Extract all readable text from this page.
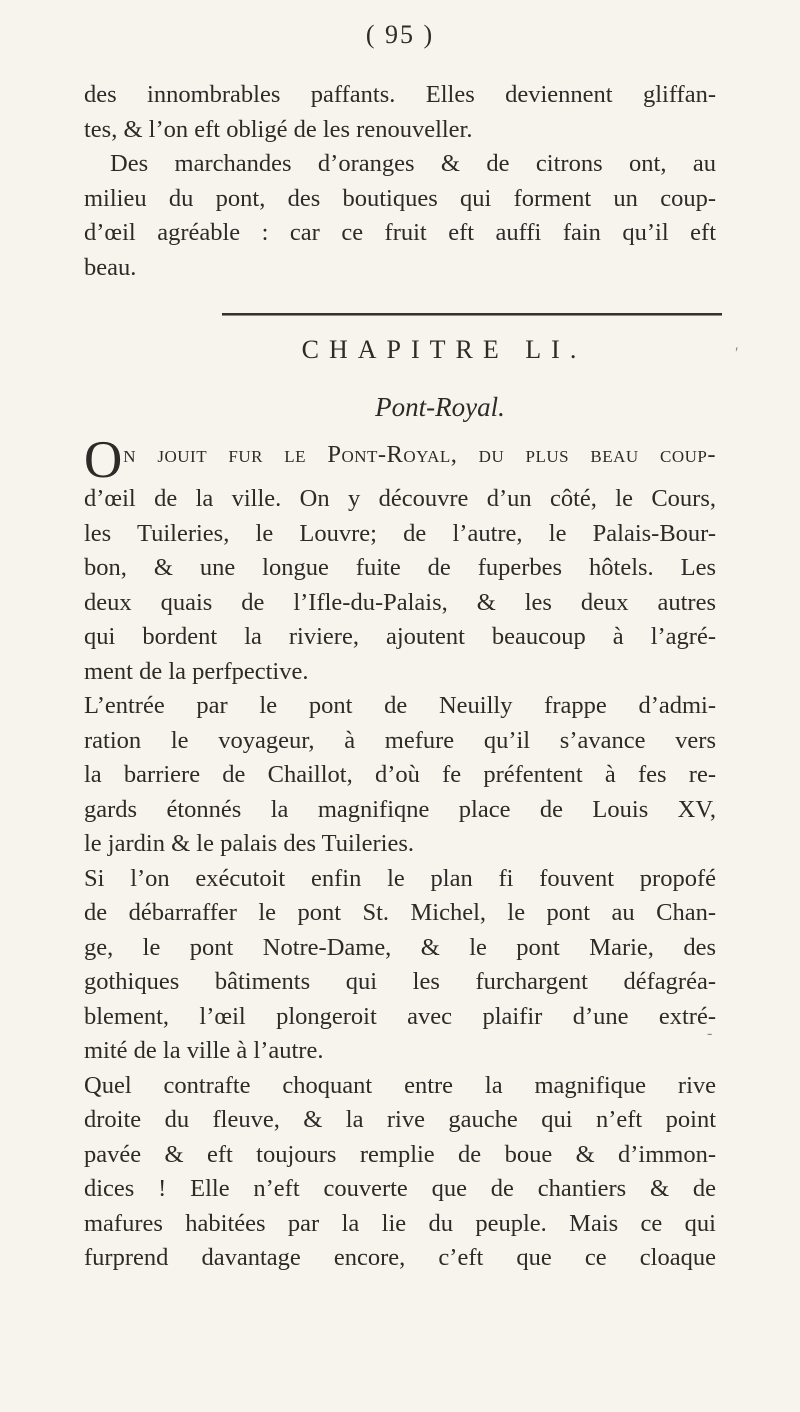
( 95 )
des innombrables paffants. Elles deviennent gliffan-
tes, & l’on eft obligé de les renouveller.
Des marchandes d’oranges & de citrons ont, au
milieu du pont, des boutiques qui forment un coup-
d’œil agréable : car ce fruit eft auffi fain qu’il eft
beau.
CHAPITRE LI.
Pont-Royal.
O n jouit fur le Pont-Royal, du plus beau coup-
d’œil de la ville. On y découvre d’un côté, le Cours,
les Tuileries, le Louvre; de l’autre, le Palais-Bour-
bon, & une longue fuite de fuperbes hôtels. Les
deux quais de l’Ifle-du-Palais, & les deux autres
qui bordent la riviere, ajoutent beaucoup à l’agré-
ment de la perfpective.
L’entrée par le pont de Neuilly frappe d’admi-
ration le voyageur, à mefure qu’il s’avance vers
la barriere de Chaillot, d’où fe préfentent à fes re-
gards étonnés la magnifiqne place de Louis XV,
le jardin & le palais des Tuileries.
Si l’on exécutoit enfin le plan fi fouvent propofé
de débarraffer le pont St. Michel, le pont au Chan-
ge, le pont Notre-Dame, & le pont Marie, des
gothiques bâtiments qui les furchargent défagréa-
blement, l’œil plongeroit avec plaifir d’une extré-
mité de la ville à l’autre.
Quel contrafte choquant entre la magnifique rive
droite du fleuve, & la rive gauche qui n’eft point
pavée & eft toujours remplie de boue & d’immon-
dices ! Elle n’eft couverte que de chantiers & de
mafures habitées par la lie du peuple. Mais ce qui
furprend davantage encore, c’eft que ce cloaque
′
-
